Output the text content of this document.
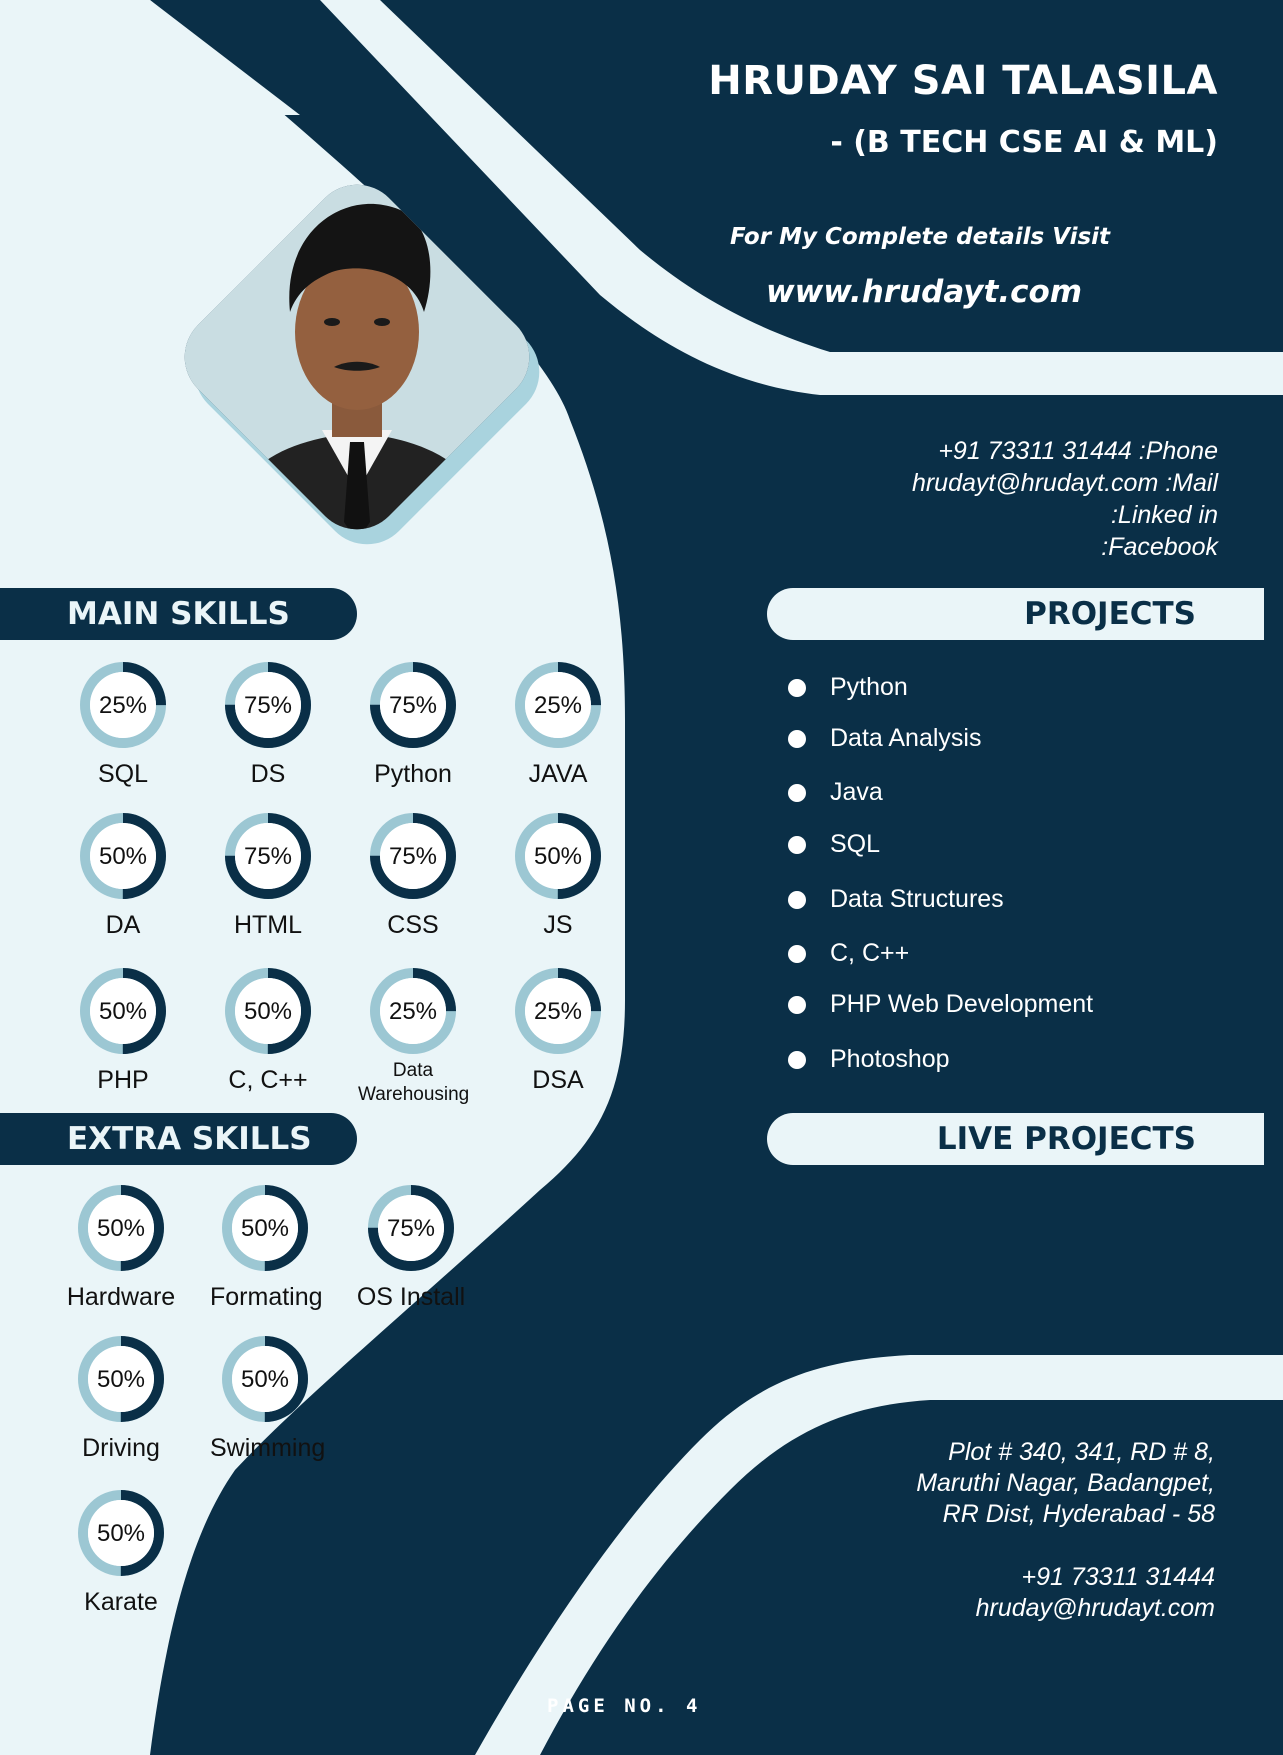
HRUDAY SAI TALASILA
- (B TECH CSE AI & ML)
For My Complete details Visit
www.hrudayt.com
+91 73311 31444 :Phone
hrudayt@hrudayt.com :Mail
:Linked in
:Facebook
MAIN SKILLS
EXTRA SKILLS
25%
SQL
75%
DS
75%
Python
25%
JAVA
50%
DA
75%
HTML
75%
CSS
50%
JS
50%
PHP
50%
C, C++
25%
Data Warehousing
25%
DSA
50%
Hardware
50%
Formating
75%
OS Install
50%
Driving
50%
Swimming
50%
Karate
PROJECTS
Python
Data Analysis
Java
SQL
Data Structures
C, C++
PHP Web Development
Photoshop
LIVE PROJECTS
Plot # 340, 341, RD # 8,
Maruthi Nagar, Badangpet,
RR Dist, Hyderabad - 58
+91 73311 31444
hruday@hrudayt.com
PAGE NO. 4
